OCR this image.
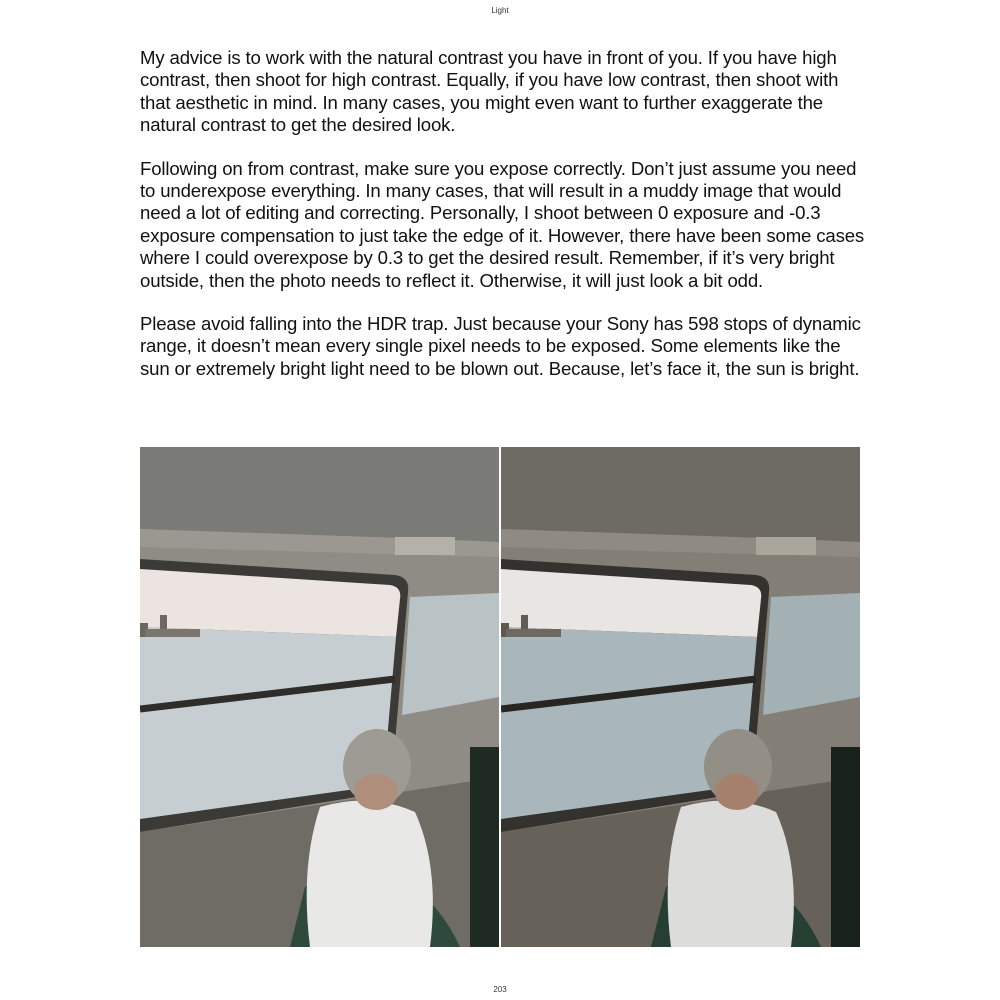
Light

My advice is to work with the natural contrast you have in front of you. If you have high contrast, then shoot for high contrast. Equally, if you have low contrast, then shoot with that aesthetic in mind. In many cases, you might even want to further exaggerate the natural contrast to get the desired look.

Following on from contrast, make sure you expose correctly. Don’t just assume you need to underexpose everything. In many cases, that will result in a muddy image that would need a lot of editing and correcting. Personally, I shoot between 0 exposure and -0.3 exposure compensation to just take the edge of it. However, there have been some cases where I could overexpose by 0.3 to get the desired result. Remember, if it’s very bright outside, then the photo needs to reflect it. Otherwise, it will just look a bit odd.

Please avoid falling into the HDR trap. Just because your Sony has 598 stops of dynamic range, it doesn’t mean every single pixel needs to be exposed. Some elements like the sun or extremely bright light need to be blown out. Because, let’s face it, the sun is bright.

203
